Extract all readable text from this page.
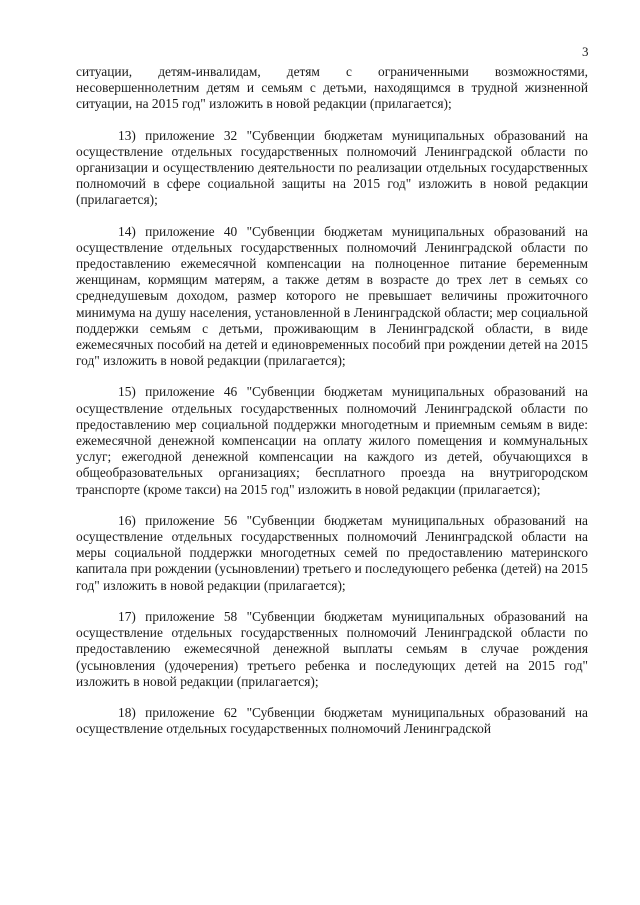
3

ситуации, детям-инвалидам, детям с ограниченными возможностями, несовершеннолетним детям и семьям с детьми, находящимся в трудной жизненной ситуации, на 2015 год" изложить в новой редакции (прилагается);

13) приложение 32 "Субвенции бюджетам муниципальных образований на осуществление отдельных государственных полномочий Ленинградской области по организации и осуществлению деятельности по реализации отдельных государственных полномочий в сфере социальной защиты на 2015 год" изложить в новой редакции (прилагается);

14) приложение 40 "Субвенции бюджетам муниципальных образований на осуществление отдельных государственных полномочий Ленинградской области по предоставлению ежемесячной компенсации на полноценное питание беременным женщинам, кормящим матерям, а также детям в возрасте до трех лет в семьях со среднедушевым доходом, размер которого не превышает величины прожиточного минимума на душу населения, установленной в Ленинградской области; мер социальной поддержки семьям с детьми, проживающим в Ленинградской области, в виде ежемесячных пособий на детей и единовременных пособий при рождении детей на 2015 год" изложить в новой редакции (прилагается);

15) приложение 46 "Субвенции бюджетам муниципальных образований на осуществление отдельных государственных полномочий Ленинградской области по предоставлению мер социальной поддержки многодетным и приемным семьям в виде: ежемесячной денежной компенсации на оплату жилого помещения и коммунальных услуг; ежегодной денежной компенсации на каждого из детей, обучающихся в общеобразовательных организациях; бесплатного проезда на внутригородском транспорте (кроме такси) на 2015 год" изложить в новой редакции (прилагается);

16) приложение 56 "Субвенции бюджетам муниципальных образований на осуществление отдельных государственных полномочий Ленинградской области на меры социальной поддержки многодетных семей по предоставлению материнского капитала при рождении (усыновлении) третьего и последующего ребенка (детей) на 2015 год" изложить в новой редакции (прилагается);

17) приложение 58 "Субвенции бюджетам муниципальных образований на осуществление отдельных государственных полномочий Ленинградской области по предоставлению ежемесячной денежной выплаты семьям в случае рождения (усыновления (удочерения) третьего ребенка и последующих детей на 2015 год" изложить в новой редакции (прилагается);

18) приложение 62 "Субвенции бюджетам муниципальных образований на осуществление отдельных государственных полномочий Ленинградской
